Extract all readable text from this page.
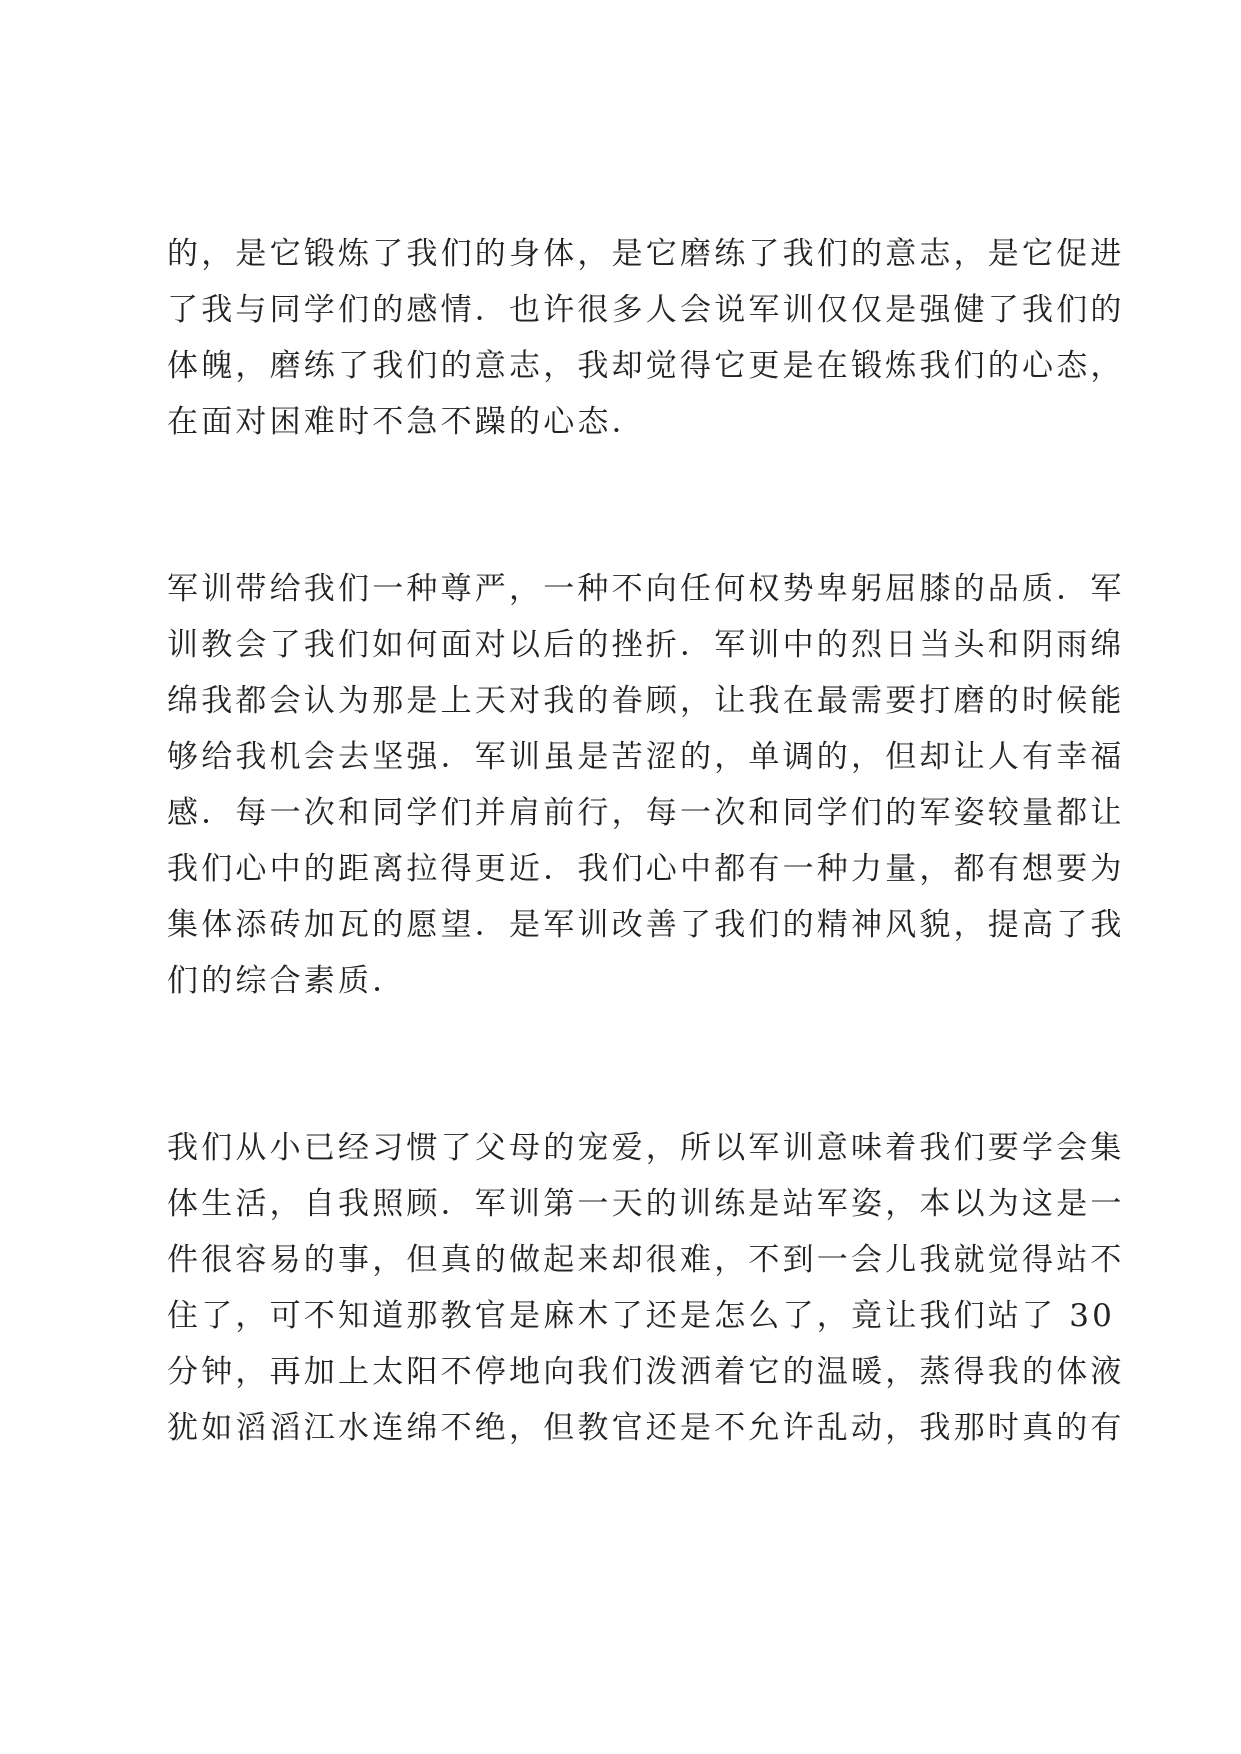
的，是它锻炼了我们的身体，是它磨练了我们的意志，是它促进
了我与同学们的感情．也许很多人会说军训仅仅是强健了我们的
体魄，磨练了我们的意志，我却觉得它更是在锻炼我们的心态，
在面对困难时不急不躁的心态．
军训带给我们一种尊严，一种不向任何权势卑躬屈膝的品质．军
训教会了我们如何面对以后的挫折．军训中的烈日当头和阴雨绵
绵我都会认为那是上天对我的眷顾，让我在最需要打磨的时候能
够给我机会去坚强．军训虽是苦涩的，单调的，但却让人有幸福
感．每一次和同学们并肩前行，每一次和同学们的军姿较量都让
我们心中的距离拉得更近．我们心中都有一种力量，都有想要为
集体添砖加瓦的愿望．是军训改善了我们的精神风貌，提高了我
们的综合素质．
我们从小已经习惯了父母的宠爱，所以军训意味着我们要学会集
体生活，自我照顾．军训第一天的训练是站军姿，本以为这是一
件很容易的事，但真的做起来却很难，不到一会儿我就觉得站不
住了，可不知道那教官是麻木了还是怎么了，竟让我们站了 30
分钟，再加上太阳不停地向我们泼洒着它的温暖，蒸得我的体液
犹如滔滔江水连绵不绝，但教官还是不允许乱动，我那时真的有
